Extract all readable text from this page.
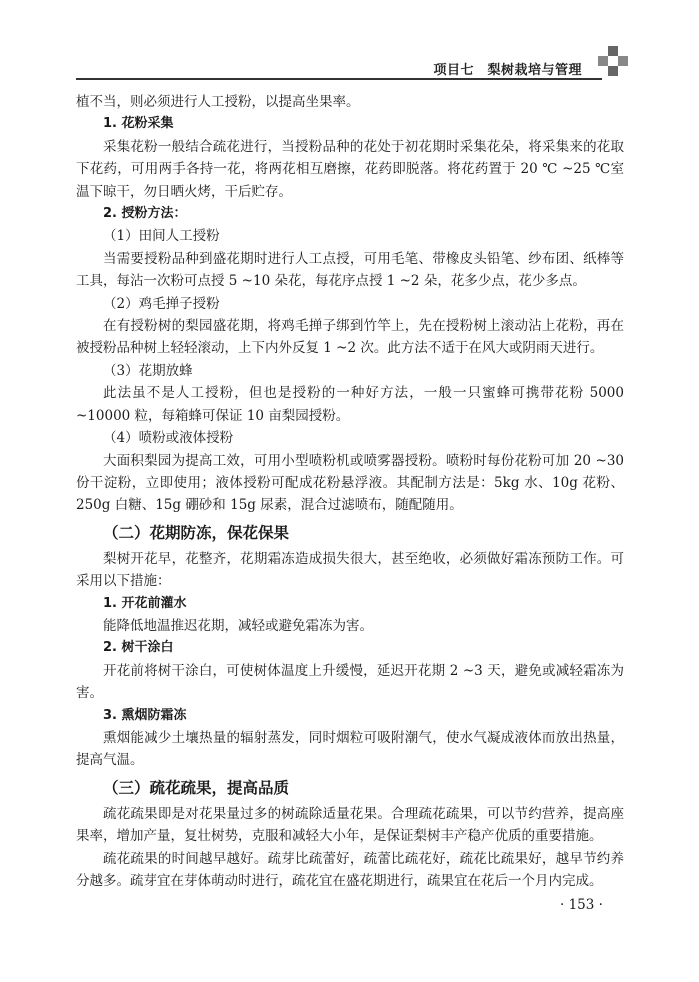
项目七　梨树栽培与管理

植不当，则必须进行人工授粉，以提高坐果率。

1. 花粉采集

采集花粉一般结合疏花进行，当授粉品种的花处于初花期时采集花朵，将采集来的花取下花药，可用两手各持一花，将两花相互磨擦，花药即脱落。将花药置于 20 ℃ ~25 ℃室温下晾干，勿日晒火烤，干后贮存。

2. 授粉方法：

（1）田间人工授粉

当需要授粉品种到盛花期时进行人工点授，可用毛笔、带橡皮头铅笔、纱布团、纸棒等工具，每沾一次粉可点授 5 ~10 朵花，每花序点授 1 ~2 朵，花多少点，花少多点。

（2）鸡毛掸子授粉

在有授粉树的梨园盛花期，将鸡毛掸子绑到竹竿上，先在授粉树上滚动沾上花粉，再在被授粉品种树上轻轻滚动，上下内外反复 1 ~2 次。此方法不适于在风大或阴雨天进行。

（3）花期放蜂

此法虽不是人工授粉，但也是授粉的一种好方法，一般一只蜜蜂可携带花粉 5000 ~10000 粒，每箱蜂可保证 10 亩梨园授粉。

（4）喷粉或液体授粉

大面积梨园为提高工效，可用小型喷粉机或喷雾器授粉。喷粉时每份花粉可加 20 ~30 份干淀粉，立即使用；液体授粉可配成花粉悬浮液。其配制方法是：5kg 水、10g 花粉、250g 白糖、15g 硼砂和 15g 尿素，混合过滤喷布，随配随用。

（二）花期防冻，保花保果

梨树开花早，花整齐，花期霜冻造成损失很大，甚至绝收，必须做好霜冻预防工作。可采用以下措施：

1. 开花前灌水

能降低地温推迟花期，减轻或避免霜冻为害。

2. 树干涂白

开花前将树干涂白，可使树体温度上升缓慢，延迟开花期 2 ~3 天，避免或减轻霜冻为害。

3. 熏烟防霜冻

熏烟能减少土壤热量的辐射蒸发，同时烟粒可吸附潮气，使水气凝成液体而放出热量，提高气温。

（三）疏花疏果，提高品质

疏花疏果即是对花果量过多的树疏除适量花果。合理疏花疏果，可以节约营养，提高座果率，增加产量，复壮树势，克服和减轻大小年，是保证梨树丰产稳产优质的重要措施。

疏花疏果的时间越早越好。疏芽比疏蕾好，疏蕾比疏花好，疏花比疏果好，越早节约养分越多。疏芽宜在芽体萌动时进行，疏花宜在盛花期进行，疏果宜在花后一个月内完成。

· 153 ·
